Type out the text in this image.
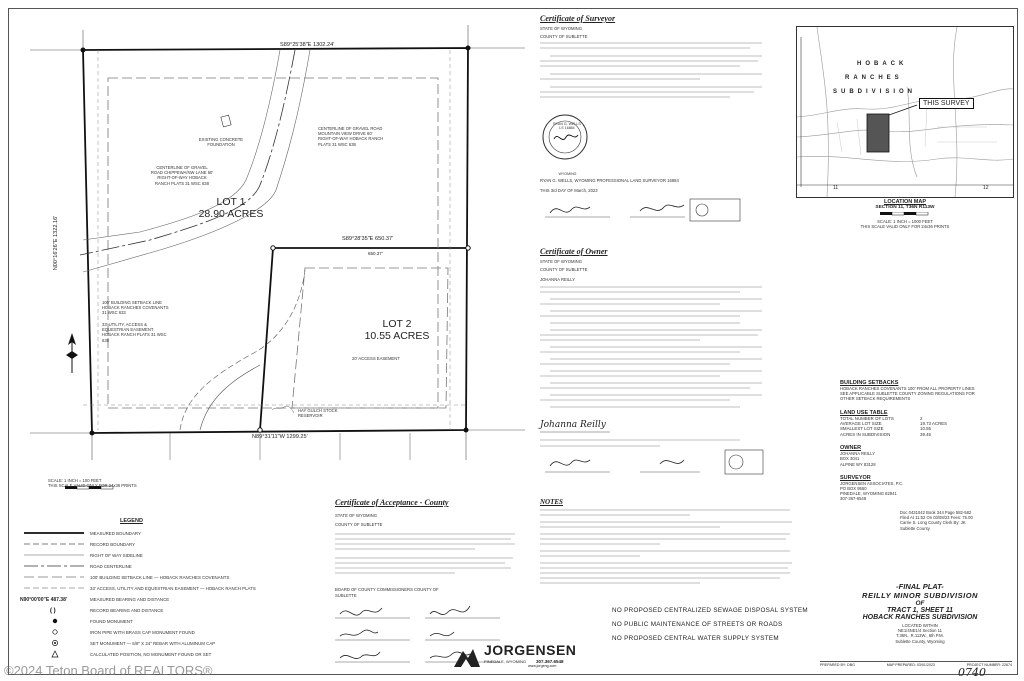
LOT 1
28.90 ACRES
LOT 2
10.55 ACRES
S89°25'38"E 1302.24'
S89°28'35"E 650.37'
650.37'
N89°31'11"W 1299.25'
N00°16'26"E 1322.16'
EXISTING CONCRETE FOUNDATION
CENTERLINE OF GRAVEL ROAD CHIPPEWA/NW LANE 60' RIGHT-OF-WAY HOBACK RANCH PLATS 31 WSC 638
CENTERLINE OF GRAVEL ROAD MOUNTAIN VIEW DRIVE 60' RIGHT-OF-WAY HOBACK RANCH PLATS 31 WSC 638
100' BUILDING SETBACK LINE HOBACK RANCHES COVENANTS 31 WSC 633
33' UTILITY, ACCESS & EQUESTRIAN EASEMENT HOBACK RANCH PLATS 31 WSC 638
20' ACCESS EASEMENT
HAY GULCH STOCK RESERVOIR
SCALE: 1 INCH = 100 FEET
THIS SCALE VALID ONLY FOR 24x36 PRINTS
LEGEND
MEASURED BOUNDARY
RECORD BOUNDARY
RIGHT OF WAY SIDELINE
ROAD CENTERLINE
100' BUILDING SETBACK LINE — HOBACK RANCHES COVENANTS
33' ACCESS, UTILITY AND EQUESTRIAN EASEMENT — HOBACK RANCH PLATS
N90°00'00"E 487.38'	MEASURED BEARING AND DISTANCE
( )	RECORD BEARING AND DISTANCE
FOUND MONUMENT
IRON PIPE WITH BRASS CAP MONUMENT FOUND
SET MONUMENT — 5/8" X 24" REBAR WITH ALUMINUM CAP
CALCULATED POSITION, NO MONUMENT FOUND OR SET
Certificate of Acceptance - County
STATE OF WYOMING
COUNTY OF SUBLETTE
BOARD OF COUNTY COMMISSIONERS COUNTY OF SUBLETTE
Certificate of Surveyor
STATE OF WYOMING
COUNTY OF SUBLETTE

RYAN G. WELLS
LS 16884
WYOMING
RYAN G. WELLS, WYOMING PROFESSIONAL LAND SURVEYOR 16884
THIS 3rd DAY OF March, 2023
Certificate of Owner
STATE OF WYOMING
COUNTY OF SUBLETTE
JOHANNA REILLY
Johanna Reilly
NOTES
NO PROPOSED CENTRALIZED SEWAGE DISPOSAL SYSTEM
NO PUBLIC MAINTENANCE OF STREETS OR ROADS
NO PROPOSED CENTRAL WATER SUPPLY SYSTEM
JORGENSEN
PINEDALE, WYOMING 307.367.6548
www.jorgeng.com
HOBACK
RANCHES
SUBDIVISION
THIS SURVEY
11	12
LOCATION MAP
SECTION 11, T36N R113W
SCALE: 1 INCH = 1000 FEET
THIS SCALE VALID ONLY FOR 24x36 PRINTS
BUILDING SETBACKS
HOBACK RANCHES COVENANTS 100' FROM ALL PROPERTY LINES
SEE APPLICABLE SUBLETTE COUNTY ZONING REGULATIONS FOR OTHER SETBACK REQUIREMENTS
LAND USE TABLE
TOTAL NUMBER OF LOTS	2
AVERAGE LOT SIZE	19.73 ACRES
SMALLEST LOT SIZE	10.55
ACRES IN SUBDIVISION	39.45
OWNER
JOHANNA REILLY
BOX 3041
ALPINE WY 83128
SURVEYOR
JORGENSEN ASSOCIATES, P.C.
PO BOX 9550
PINEDALE, WYOMING 82941
307-367-6548
Doc 0431042 Book 344 Page 582-582
Filed At 11:52 On 03/08/23 Fees: 75.00
Carrie S. Long County Clerk By: JK
Sublette County
-FINAL PLAT-
REILLY MINOR SUBDIVISION
OF
TRACT 1, SHEET 11
HOBACK RANCHES SUBDIVISION
LOCATED WITHIN
NE1/4NE1/4 Section 11
T.36N., R.113W., 6th P.M.
Sublette County, Wyoming
PREPARED BY: DBG	MAP PREPARED: 03/01/2023	PROJECT NUMBER: 22674
©2024 Teton Board of REALTORS®	0740
